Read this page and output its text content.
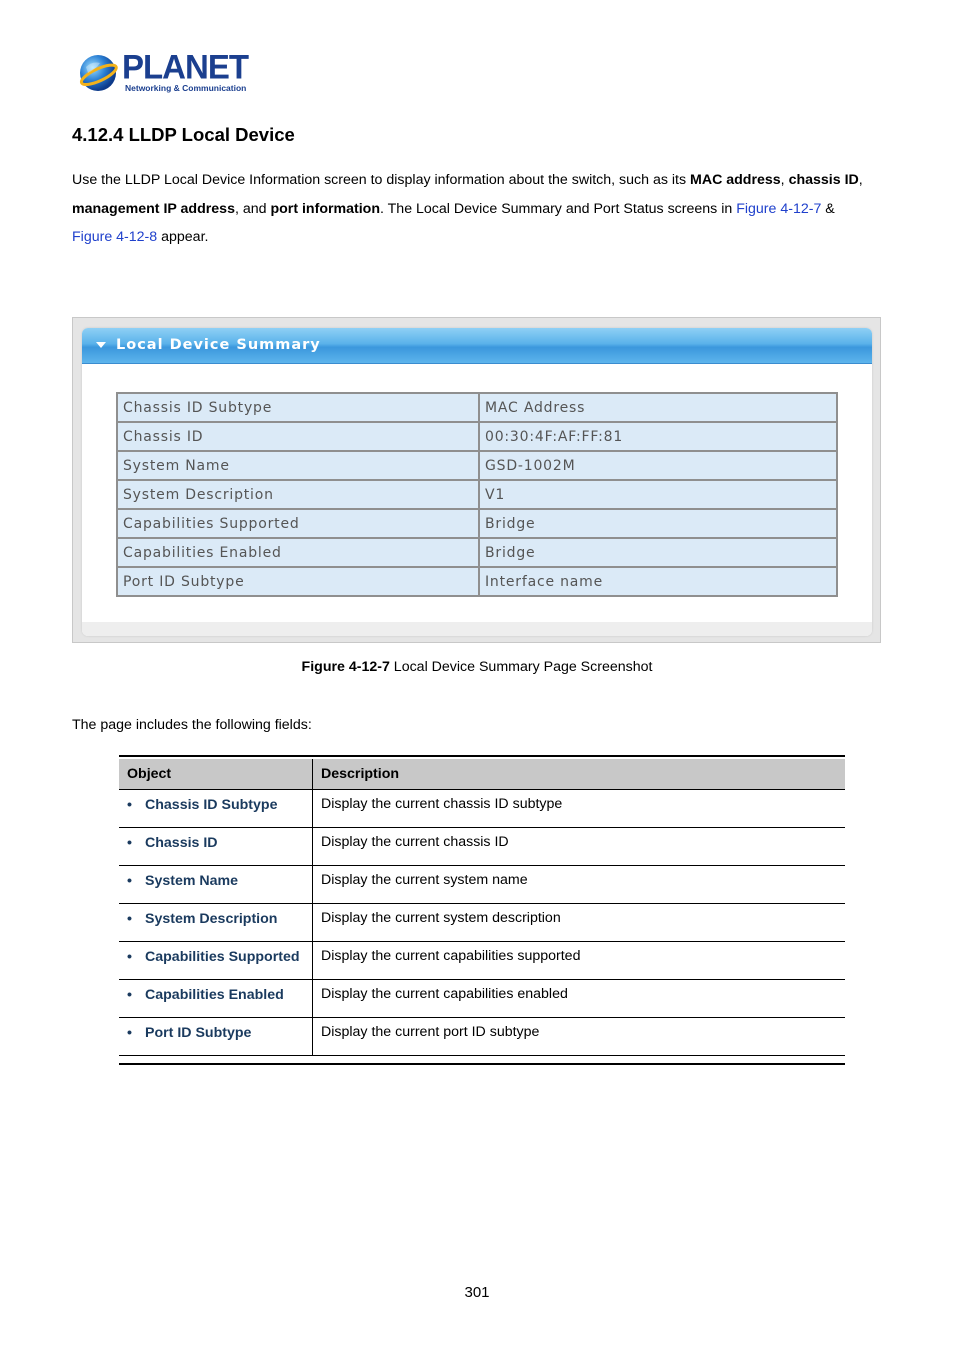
PLANET
Networking & Communication
4.12.4 LLDP Local Device
Use the LLDP Local Device Information screen to display information about the switch, such as its MAC address, chassis ID,
management IP address, and port information. The Local Device Summary and Port Status screens in Figure 4-12-7 &
Figure 4-12-8 appear.
Local Device Summary
Chassis ID Subtype	MAC Address
Chassis ID	00:30:4F:AF:FF:81
System Name	GSD-1002M
System Description	V1
Capabilities Supported	Bridge
Capabilities Enabled	Bridge
Port ID Subtype	Interface name
Figure 4-12-7 Local Device Summary Page Screenshot
The page includes the following fields:
Object	Description
• Chassis ID Subtype	Display the current chassis ID subtype
• Chassis ID	Display the current chassis ID
• System Name	Display the current system name
• System Description	Display the current system description
• Capabilities Supported	Display the current capabilities supported
• Capabilities Enabled	Display the current capabilities enabled
• Port ID Subtype	Display the current port ID subtype
301
